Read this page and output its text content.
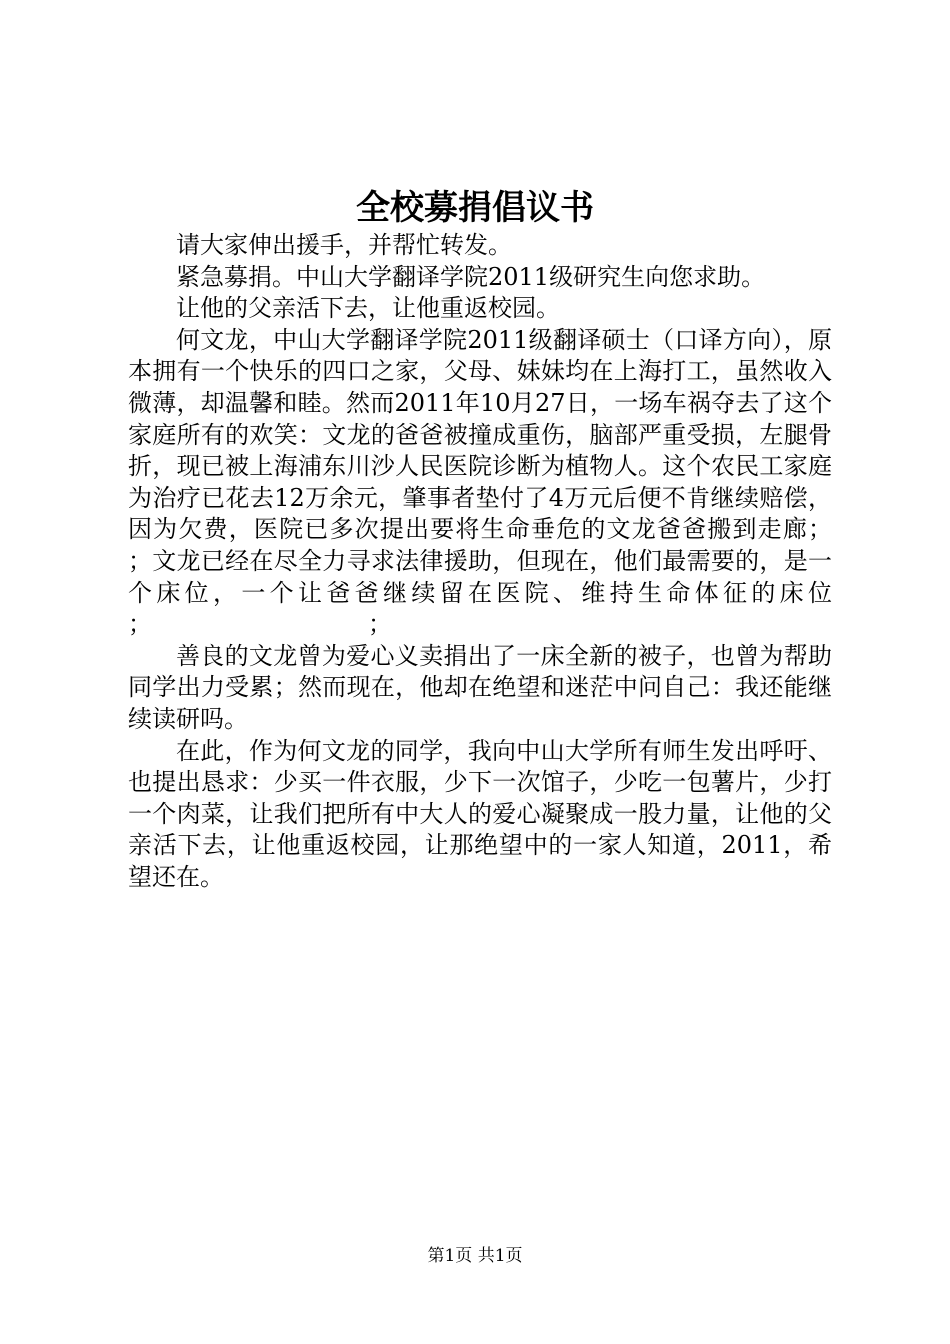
全校募捐倡议书

请大家伸出援手，并帮忙转发。

紧急募捐。中山大学翻译学院2011级研究生向您求助。

让他的父亲活下去，让他重返校园。

何文龙，中山大学翻译学院2011级翻译硕士（口译方向），原本拥有一个快乐的四口之家，父母、妹妹均在上海打工，虽然收入微薄，却温馨和睦。然而2011年10月27日，一场车祸夺去了这个家庭所有的欢笑：文龙的爸爸被撞成重伤，脑部严重受损，左腿骨折，现已被上海浦东川沙人民医院诊断为植物人。这个农民工家庭为治疗已花去12万余元，肇事者垫付了4万元后便不肯继续赔偿，因为欠费，医院已多次提出要将生命垂危的文龙爸爸搬到走廊；

；文龙已经在尽全力寻求法律援助，但现在，他们最需要的，是一个床位，一个让爸爸继续留在医院、维持生命体征的床位

；	；

善良的文龙曾为爱心义卖捐出了一床全新的被子，也曾为帮助同学出力受累；然而现在，他却在绝望和迷茫中问自己：我还能继续读研吗。

在此，作为何文龙的同学，我向中山大学所有师生发出呼吁、也提出恳求：少买一件衣服，少下一次馆子，少吃一包薯片，少打一个肉菜，让我们把所有中大人的爱心凝聚成一股力量，让他的父亲活下去，让他重返校园，让那绝望中的一家人知道，2011，希望还在。

第1页 共1页
